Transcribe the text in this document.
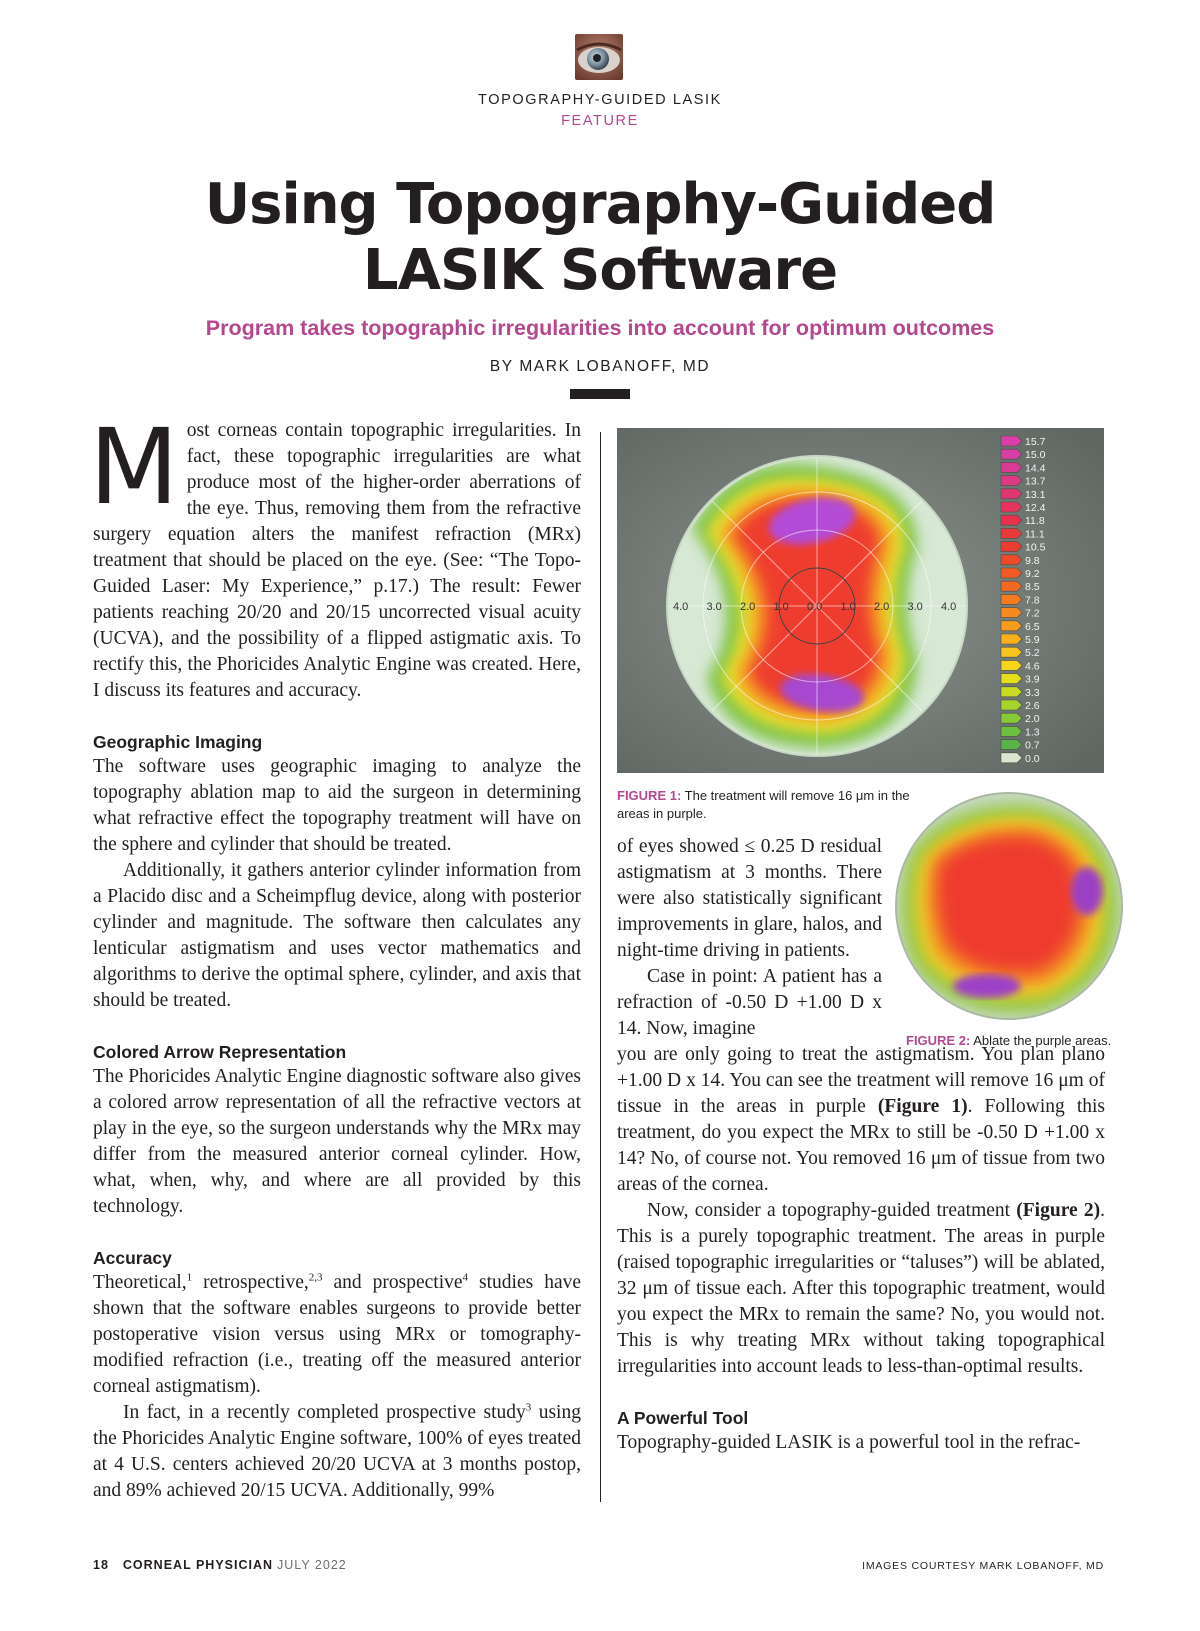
TOPOGRAPHY-GUIDED LASIK
FEATURE
Using Topography-Guided
LASIK Software
Program takes topographic irregularities into account for optimum outcomes
BY MARK LOBANOFF, MD

Most corneas contain topographic irregularities. In fact, these topographic irregularities are what produce most of the higher-order aberrations of the eye. Thus, removing them from the refractive surgery equation alters the manifest refraction (MRx) treatment that should be placed on the eye. (See: “The Topo-Guided Laser: My Experience,” p.17.) The result: Fewer patients reaching 20/20 and 20/15 uncorrected visual acuity (UCVA), and the possibility of a flipped astigmatic axis. To rectify this, the Phoricides Analytic Engine was created. Here, I discuss its features and accuracy.

Geographic Imaging

The software uses geographic imaging to analyze the topography ablation map to aid the surgeon in determining what refractive effect the topography treatment will have on the sphere and cylinder that should be treated.

Additionally, it gathers anterior cylinder information from a Placido disc and a Scheimpflug device, along with posterior cylinder and magnitude. The software then calculates any lenticular astigmatism and uses vector mathematics and algorithms to derive the optimal sphere, cylinder, and axis that should be treated.

Colored Arrow Representation

The Phoricides Analytic Engine diagnostic software also gives a colored arrow representation of all the refractive vectors at play in the eye, so the surgeon understands why the MRx may differ from the measured anterior corneal cylinder. How, what, when, why, and where are all provided by this technology.

Accuracy

Theoretical,$^1$ retrospective,$^{2,3}$ and prospective$^4$ studies have shown that the software enables surgeons to provide better postoperative vision versus using MRx or tomography-modified refraction (i.e., treating off the measured anterior corneal astigmatism).

In fact, in a recently completed prospective study$^3$ using the Phoricides Analytic Engine software, 100% of eyes treated at 4 U.S. centers achieved 20/20 UCVA at 3 months postop, and 89% achieved 20/15 UCVA. Additionally, 99%

4.0 3.0 2.0 1.0 0.0 1.0 2.0 3.0 4.0
15.7
15.0
14.4
13.7
13.1
12.4
11.8
11.1
10.5
9.8
9.2
8.5
7.8
7.2
6.5
5.9
5.2
4.6
3.9
3.3
2.6
2.0
1.3
0.7
0.0
FIGURE 1: The treatment will remove 16 μm in the areas in purple.
FIGURE 2: Ablate the purple areas.

of eyes showed ≤ 0.25 D residual astigmatism at 3 months. There were also statistically significant improvements in glare, halos, and night-time driving in patients.

Case in point: A patient has a refraction of -0.50 D +1.00 D x 14. Now, imagine

you are only going to treat the astigmatism. You plan plano +1.00 D x 14. You can see the treatment will remove 16 μm of tissue in the areas in purple (Figure 1). Following this treatment, do you expect the MRx to still be -0.50 D +1.00 x 14? No, of course not. You removed 16 μm of tissue from two areas of the cornea.

Now, consider a topography-guided treatment (Figure 2). This is a purely topographic treatment. The areas in purple (raised topographic irregularities or “taluses”) will be ablated, 32 μm of tissue each. After this topographic treatment, would you expect the MRx to remain the same? No, you would not. This is why treating MRx without taking topographical irregularities into account leads to less-than-optimal results.

A Powerful Tool

Topography-guided LASIK is a powerful tool in the refrac-

18 CORNEAL PHYSICIAN JULY 2022	IMAGES COURTESY MARK LOBANOFF, MD
